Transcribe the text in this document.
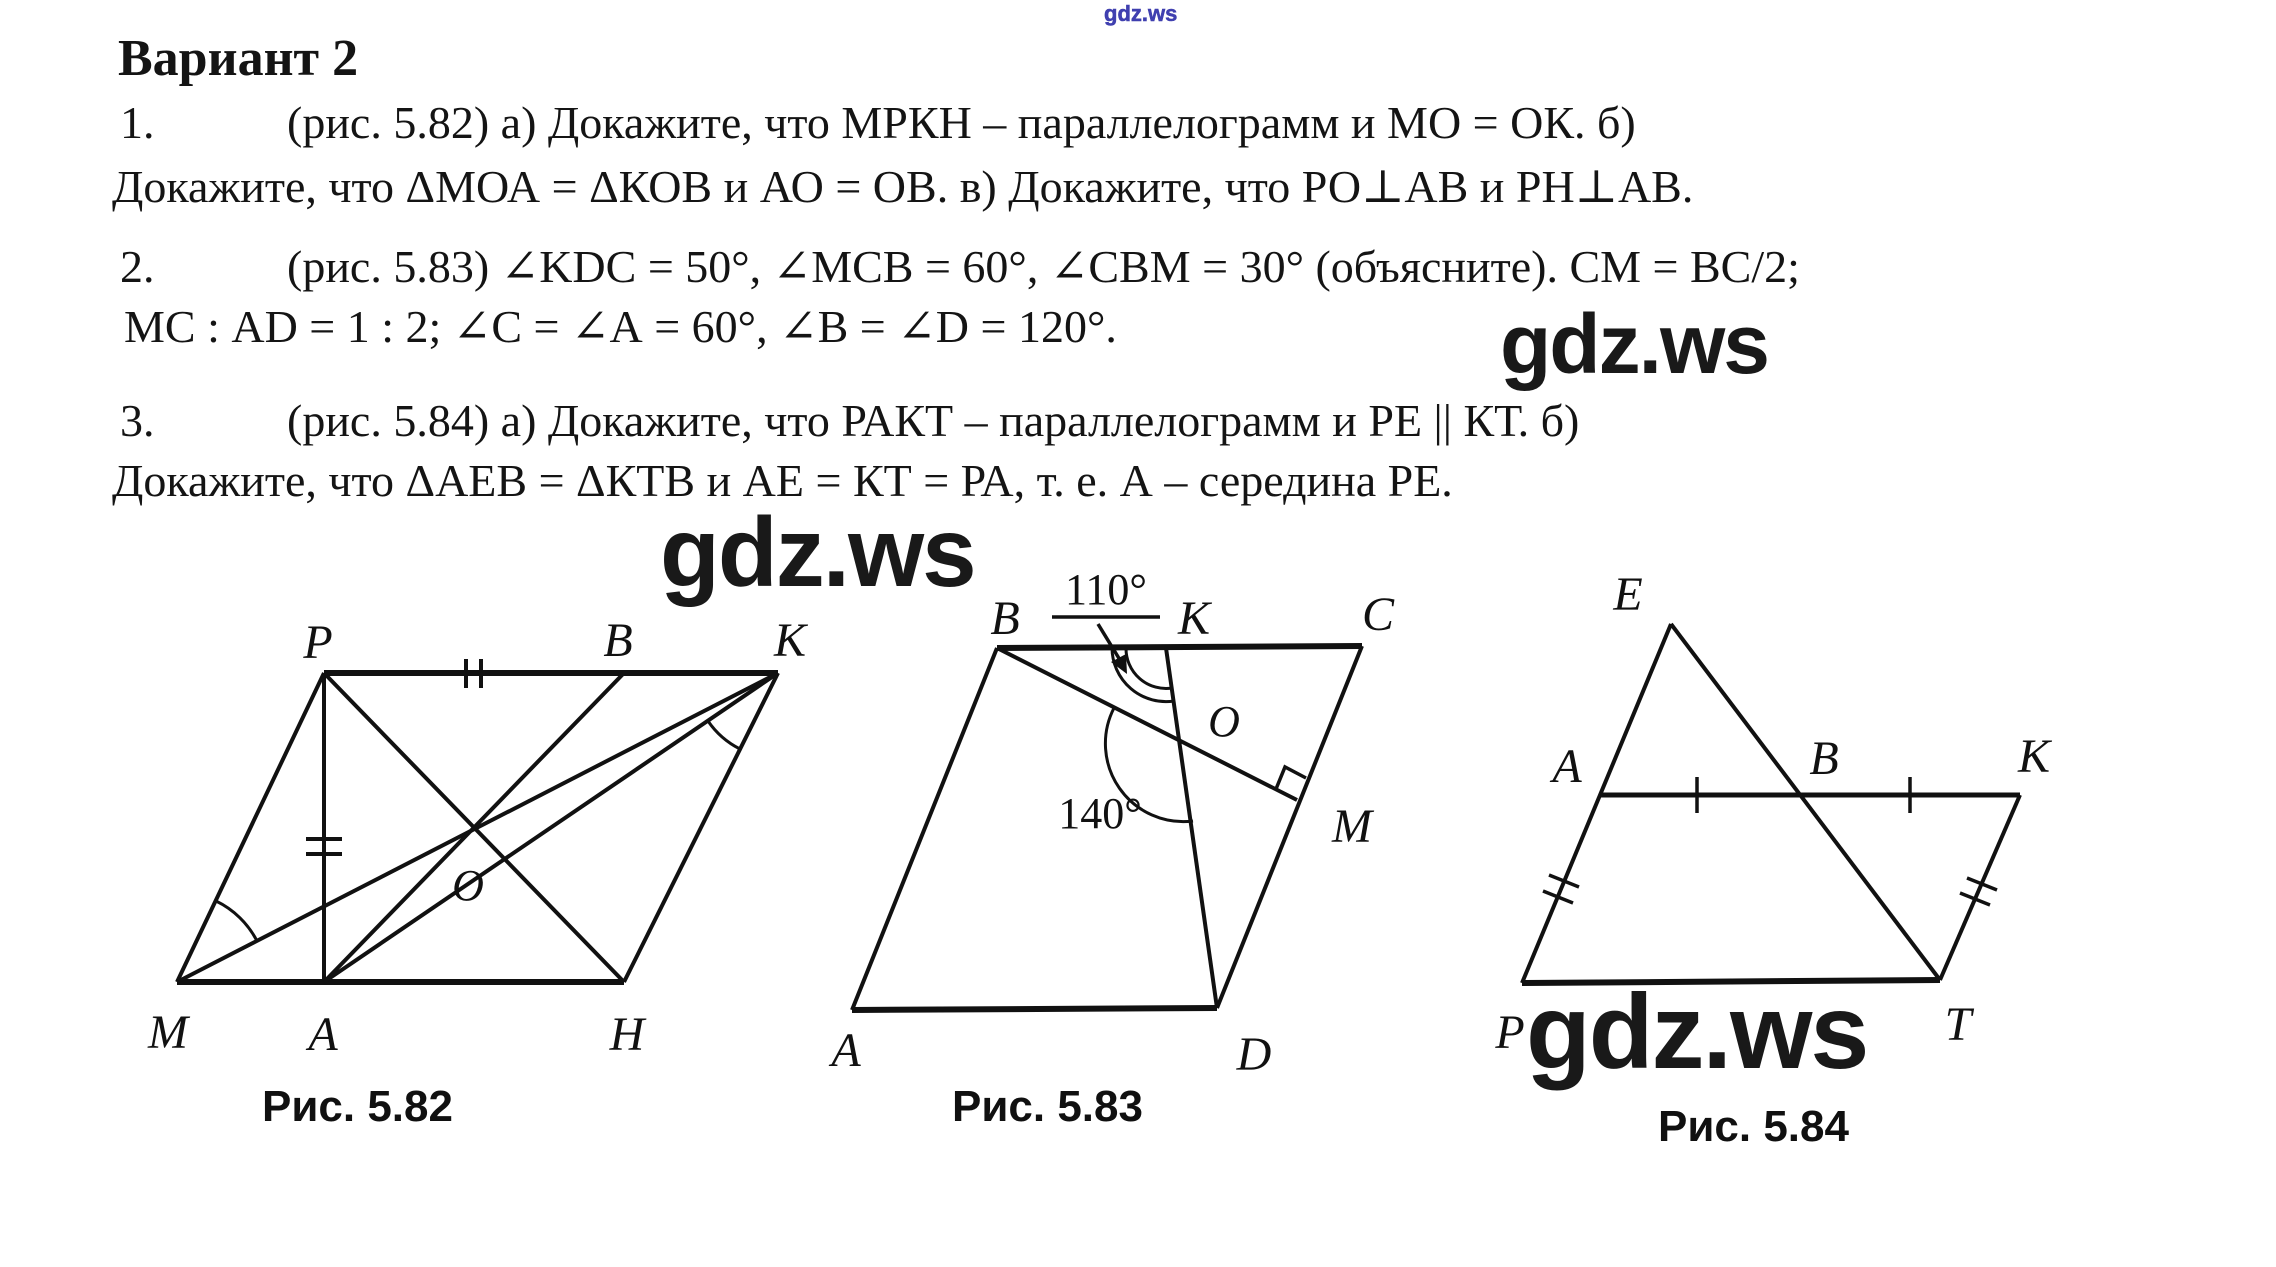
gdz.ws
gdz.ws
gdz.ws
gdz.ws
Вариант 2
1.	(рис. 5.82) а) Докажите, что МРКН – параллелограмм и МО = ОК. б)
Докажите, что ΔМОА = ΔКОВ и АО = ОВ. в) Докажите, что РО⊥АВ и РН⊥АВ.
2.	(рис. 5.83) ∠KDC = 50°, ∠МСВ = 60°, ∠СВМ = 30° (объясните). СМ = ВС/2;
МС : AD = 1 : 2; ∠С = ∠А = 60°, ∠В = ∠D = 120°.
3.	(рис. 5.84) а) Докажите, что РАКТ – параллелограмм и РЕ || КТ. б)
Докажите, что ΔАЕВ = ΔКТВ и АЕ = КТ = РА, т. е. А – середина РЕ.
P	B	K
M	A	H
O
110°
140°
B	K	C
A	D
M
O
E
A	B	K
P	T
Рис. 5.82	Рис. 5.83	Рис. 5.84
